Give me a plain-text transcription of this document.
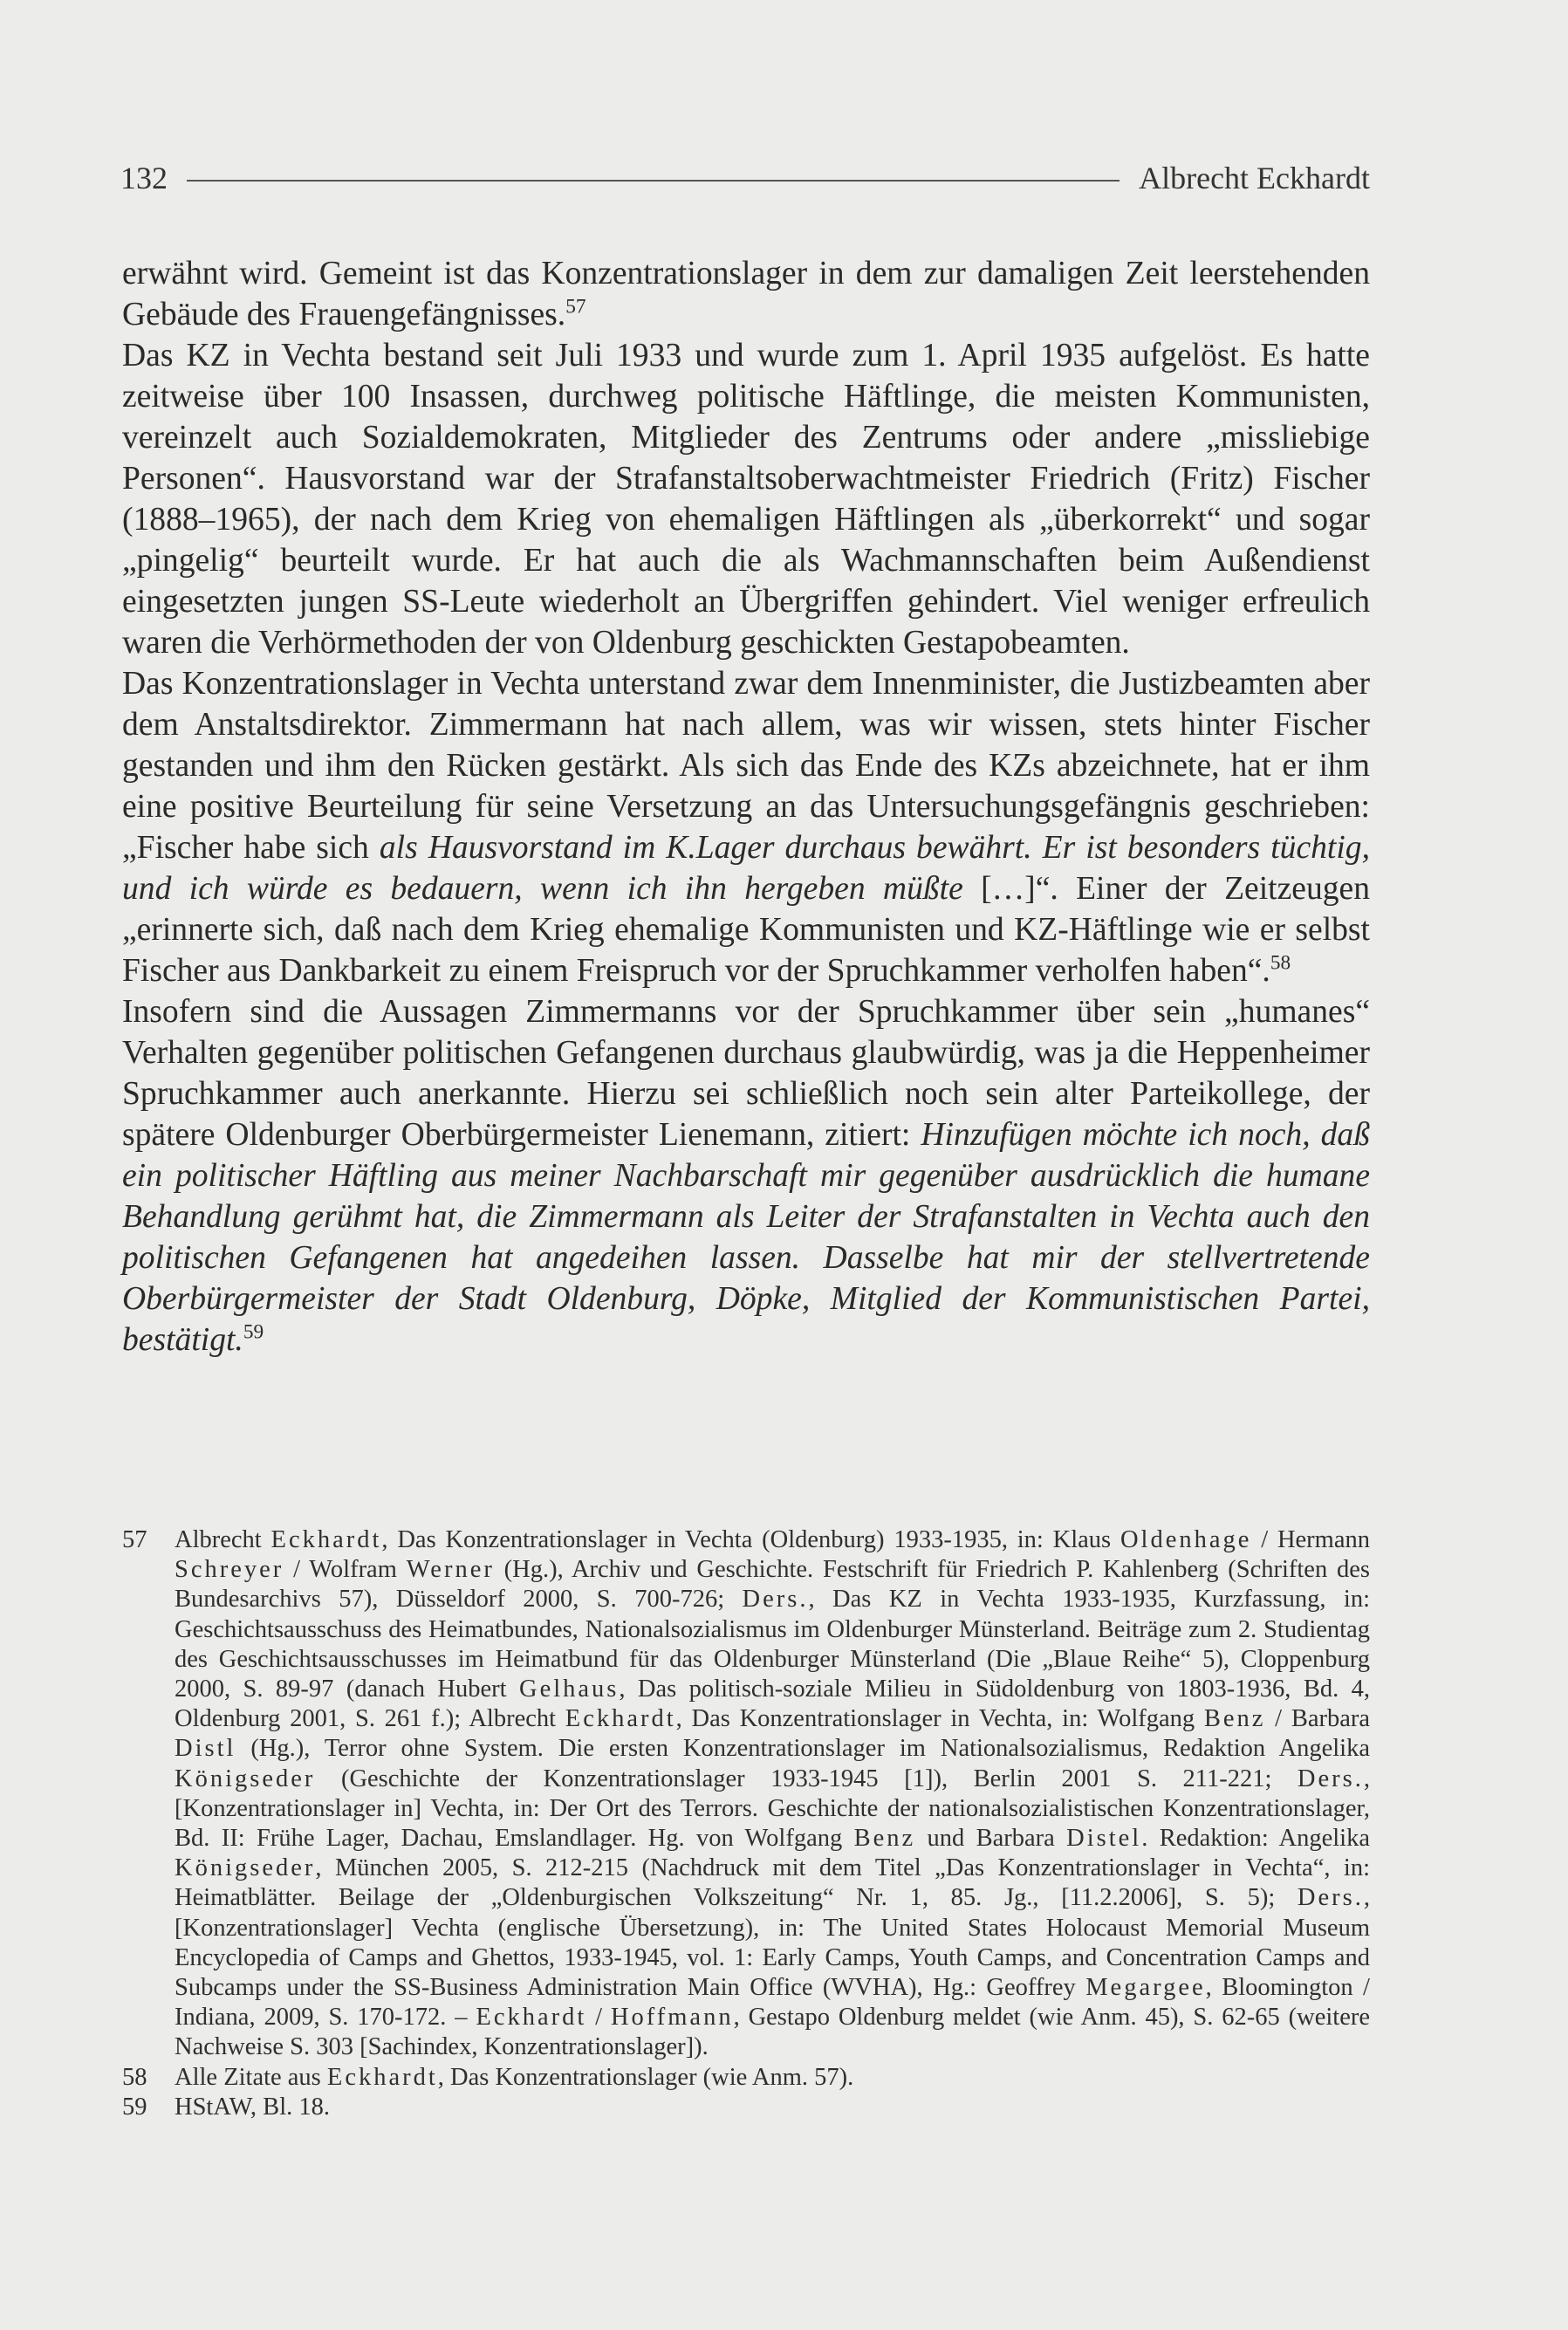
132	Albrecht Eckhardt

erwähnt wird. Gemeint ist das Konzentrationslager in dem zur damaligen Zeit leerstehenden Gebäude des Frauengefängnisses.$^{57}$

Das KZ in Vechta bestand seit Juli 1933 und wurde zum 1. April 1935 aufgelöst. Es hatte zeitweise über 100 Insassen, durchweg politische Häftlinge, die meisten Kommunisten, vereinzelt auch Sozialdemokraten, Mitglieder des Zentrums oder andere „missliebige Personen“. Hausvorstand war der Strafanstaltsoberwachtmeister Friedrich (Fritz) Fischer (1888–1965), der nach dem Krieg von ehemaligen Häftlingen als „überkorrekt“ und sogar „pingelig“ beurteilt wurde. Er hat auch die als Wachmannschaften beim Außendienst eingesetzten jungen SS-Leute wiederholt an Übergriffen gehindert. Viel weniger erfreulich waren die Verhörmethoden der von Oldenburg geschickten Gestapobeamten.

Das Konzentrationslager in Vechta unterstand zwar dem Innenminister, die Justizbeamten aber dem Anstaltsdirektor. Zimmermann hat nach allem, was wir wissen, stets hinter Fischer gestanden und ihm den Rücken gestärkt. Als sich das Ende des KZs abzeichnete, hat er ihm eine positive Beurteilung für seine Versetzung an das Untersuchungsgefängnis geschrieben: „Fischer habe sich als Hausvorstand im K.Lager durchaus bewährt. Er ist besonders tüchtig, und ich würde es bedauern, wenn ich ihn hergeben müßte […]“. Einer der Zeitzeugen „erinnerte sich, daß nach dem Krieg ehemalige Kommunisten und KZ-Häftlinge wie er selbst Fischer aus Dankbarkeit zu einem Freispruch vor der Spruchkammer verholfen haben“.$^{58}$

Insofern sind die Aussagen Zimmermanns vor der Spruchkammer über sein „humanes“ Verhalten gegenüber politischen Gefangenen durchaus glaubwürdig, was ja die Heppenheimer Spruchkammer auch anerkannte. Hierzu sei schließlich noch sein alter Parteikollege, der spätere Oldenburger Oberbürgermeister Lienemann, zitiert: Hinzufügen möchte ich noch, daß ein politischer Häftling aus meiner Nachbarschaft mir gegenüber ausdrücklich die humane Behandlung gerühmt hat, die Zimmermann als Leiter der Strafanstalten in Vechta auch den politischen Gefangenen hat angedeihen lassen. Dasselbe hat mir der stellvertretende Oberbürgermeister der Stadt Oldenburg, Döpke, Mitglied der Kommunistischen Partei, bestätigt.$^{59}$

57	Albrecht Eckhardt, Das Konzentrationslager in Vechta (Oldenburg) 1933-1935, in: Klaus Oldenhage / Hermann Schreyer / Wolfram Werner (Hg.), Archiv und Geschichte. Festschrift für Friedrich P. Kahlenberg (Schriften des Bundesarchivs 57), Düsseldorf 2000, S. 700-726; Ders., Das KZ in Vechta 1933-1935, Kurzfassung, in: Geschichtsausschuss des Heimatbundes, Nationalsozialismus im Oldenburger Münsterland. Beiträge zum 2. Studientag des Geschichtsausschusses im Heimatbund für das Oldenburger Münsterland (Die „Blaue Reihe“ 5), Cloppenburg 2000, S. 89-97 (danach Hubert Gelhaus, Das politisch-soziale Milieu in Südoldenburg von 1803-1936, Bd. 4, Oldenburg 2001, S. 261 f.); Albrecht Eckhardt, Das Konzentrationslager in Vechta, in: Wolfgang Benz / Barbara Distl (Hg.), Terror ohne System. Die ersten Konzentrationslager im Nationalsozialismus, Redaktion Angelika Königseder (Geschichte der Konzentrationslager 1933-1945 [1]), Berlin 2001 S. 211-221; Ders., [Konzentrationslager in] Vechta, in: Der Ort des Terrors. Geschichte der nationalsozialistischen Konzentrationslager, Bd. II: Frühe Lager, Dachau, Emslandlager. Hg. von Wolfgang Benz und Barbara Distel. Redaktion: Angelika Königseder, München 2005, S. 212-215 (Nachdruck mit dem Titel „Das Konzentrationslager in Vechta“, in: Heimatblätter. Beilage der „Oldenburgischen Volkszeitung“ Nr. 1, 85. Jg., [11.2.2006], S. 5); Ders., [Konzentrationslager] Vechta (englische Übersetzung), in: The United States Holocaust Memorial Museum Encyclopedia of Camps and Ghettos, 1933-1945, vol. 1: Early Camps, Youth Camps, and Concentration Camps and Subcamps under the SS-Business Administration Main Office (WVHA), Hg.: Geoffrey Megargee, Bloomington / Indiana, 2009, S. 170-172. – Eckhardt / Hoffmann, Gestapo Oldenburg meldet (wie Anm. 45), S. 62-65 (weitere Nachweise S. 303 [Sachindex, Konzentrationslager]).
58	Alle Zitate aus Eckhardt, Das Konzentrationslager (wie Anm. 57).
59	HStAW, Bl. 18.
